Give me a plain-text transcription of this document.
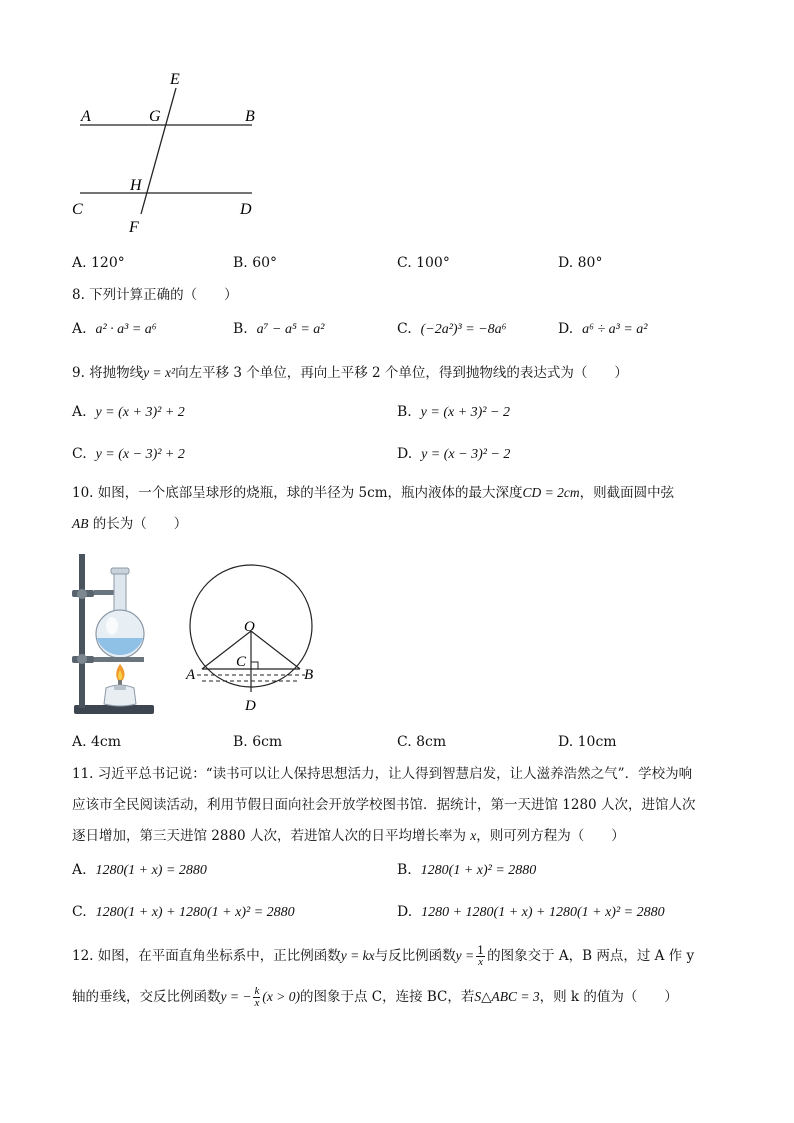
E
A	G	B
H
C	D
F
A. 120°	B. 60°	C. 100°	D. 80°
8. 下列计算正确的（　　）
A. a² · a³ = a⁶	B. a⁷ − a⁵ = a²	C. (−2a²)³ = −8a⁶	D. a⁶ ÷ a³ = a²
9. 将抛物线y = x²向左平移 3 个单位，再向上平移 2 个单位，得到抛物线的表达式为（　　）
A. y = (x + 3)² + 2	B. y = (x + 3)² − 2
C. y = (x − 3)² + 2	D. y = (x − 3)² − 2
10. 如图，一个底部呈球形的烧瓶，球的半径为 5cm，瓶内液体的最大深度CD = 2cm，则截面圆中弦
AB 的长为（　　）
O
C
A	B
D
A. 4cm	B. 6cm	C. 8cm	D. 10cm
11. 习近平总书记说：“读书可以让人保持思想活力，让人得到智慧启发，让人滋养浩然之气”．学校为响
应该市全民阅读活动，利用节假日面向社会开放学校图书馆．据统计，第一天进馆 1280 人次，进馆人次
逐日增加，第三天进馆 2880 人次，若进馆人次的日平均增长率为 x，则可列方程为（　　）
A. 1280(1 + x) = 2880	B. 1280(1 + x)² = 2880
C. 1280(1 + x) + 1280(1 + x)² = 2880	D. 1280 + 1280(1 + x) + 1280(1 + x)² = 2880
12. 如图，在平面直角坐标系中，正比例函数y = kx与反比例函数$y = \frac{1}{x}$ 的图象交于 A，B 两点，过 A 作 y
轴的垂线，交反比例函数y = − $\frac{k}{x} (x > 0)$的图象于点 C，连接 BC，若S△ABC = 3，则 k 的值为（　　）
